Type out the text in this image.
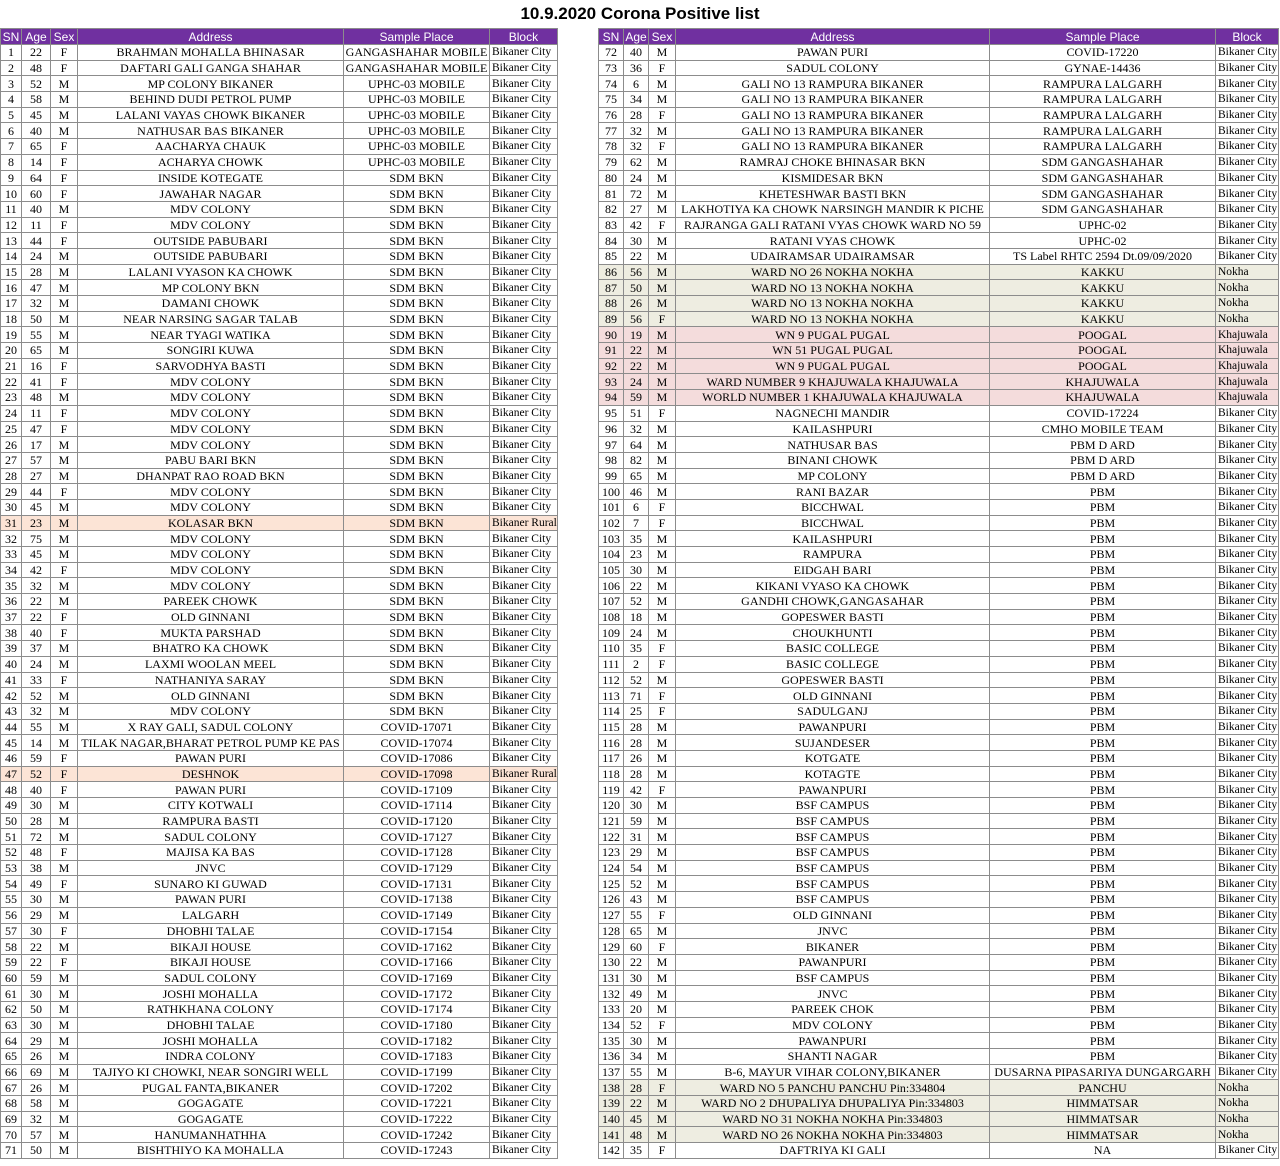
10.9.2020 Corona Positive list
SN	Age	Sex	Address	Sample Place	Block
1	22	F	BRAHMAN MOHALLA BHINASAR	GANGASHAHAR MOBILE	Bikaner City
2	48	F	DAFTARI GALI GANGA SHAHAR	GANGASHAHAR MOBILE	Bikaner City
3	52	M	MP COLONY BIKANER	UPHC-03 MOBILE	Bikaner City
4	58	M	BEHIND DUDI PETROL PUMP	UPHC-03 MOBILE	Bikaner City
5	45	M	LALANI VAYAS CHOWK BIKANER	UPHC-03 MOBILE	Bikaner City
6	40	M	NATHUSAR BAS BIKANER	UPHC-03 MOBILE	Bikaner City
7	65	F	AACHARYA CHAUK	UPHC-03 MOBILE	Bikaner City
8	14	F	ACHARYA CHOWK	UPHC-03 MOBILE	Bikaner City
9	64	F	INSIDE KOTEGATE	SDM BKN	Bikaner City
10	60	F	JAWAHAR NAGAR	SDM BKN	Bikaner City
11	40	M	MDV COLONY	SDM BKN	Bikaner City
12	11	F	MDV COLONY	SDM BKN	Bikaner City
13	44	F	OUTSIDE PABUBARI	SDM BKN	Bikaner City
14	24	M	OUTSIDE PABUBARI	SDM BKN	Bikaner City
15	28	M	LALANI VYASON KA CHOWK	SDM BKN	Bikaner City
16	47	M	MP COLONY BKN	SDM BKN	Bikaner City
17	32	M	DAMANI CHOWK	SDM BKN	Bikaner City
18	50	M	NEAR NARSING SAGAR TALAB	SDM BKN	Bikaner City
19	55	M	NEAR TYAGI WATIKA	SDM BKN	Bikaner City
20	65	M	SONGIRI KUWA	SDM BKN	Bikaner City
21	16	F	SARVODHYA BASTI	SDM BKN	Bikaner City
22	41	F	MDV COLONY	SDM BKN	Bikaner City
23	48	M	MDV COLONY	SDM BKN	Bikaner City
24	11	F	MDV COLONY	SDM BKN	Bikaner City
25	47	F	MDV COLONY	SDM BKN	Bikaner City
26	17	M	MDV COLONY	SDM BKN	Bikaner City
27	57	M	PABU BARI BKN	SDM BKN	Bikaner City
28	27	M	DHANPAT RAO ROAD BKN	SDM BKN	Bikaner City
29	44	F	MDV COLONY	SDM BKN	Bikaner City
30	45	M	MDV COLONY	SDM BKN	Bikaner City
31	23	M	KOLASAR BKN	SDM BKN	Bikaner Rural
32	75	M	MDV COLONY	SDM BKN	Bikaner City
33	45	M	MDV COLONY	SDM BKN	Bikaner City
34	42	F	MDV COLONY	SDM BKN	Bikaner City
35	32	M	MDV COLONY	SDM BKN	Bikaner City
36	22	M	PAREEK CHOWK	SDM BKN	Bikaner City
37	22	F	OLD GINNANI	SDM BKN	Bikaner City
38	40	F	MUKTA PARSHAD	SDM BKN	Bikaner City
39	37	M	BHATRO KA CHOWK	SDM BKN	Bikaner City
40	24	M	LAXMI WOOLAN MEEL	SDM BKN	Bikaner City
41	33	F	NATHANIYA SARAY	SDM BKN	Bikaner City
42	52	M	OLD GINNANI	SDM BKN	Bikaner City
43	32	M	MDV COLONY	SDM BKN	Bikaner City
44	55	M	X RAY GALI, SADUL COLONY	COVID-17071	Bikaner City
45	14	M	TILAK NAGAR,BHARAT PETROL PUMP KE PAS	COVID-17074	Bikaner City
46	59	F	PAWAN PURI	COVID-17086	Bikaner City
47	52	F	DESHNOK	COVID-17098	Bikaner Rural
48	40	F	PAWAN PURI	COVID-17109	Bikaner City
49	30	M	CITY KOTWALI	COVID-17114	Bikaner City
50	28	M	RAMPURA BASTI	COVID-17120	Bikaner City
51	72	M	SADUL COLONY	COVID-17127	Bikaner City
52	48	F	MAJISA KA BAS	COVID-17128	Bikaner City
53	38	M	JNVC	COVID-17129	Bikaner City
54	49	F	SUNARO KI GUWAD	COVID-17131	Bikaner City
55	30	M	PAWAN PURI	COVID-17138	Bikaner City
56	29	M	LALGARH	COVID-17149	Bikaner City
57	30	F	DHOBHI TALAE	COVID-17154	Bikaner City
58	22	M	BIKAJI HOUSE	COVID-17162	Bikaner City
59	22	F	BIKAJI HOUSE	COVID-17166	Bikaner City
60	59	M	SADUL COLONY	COVID-17169	Bikaner City
61	30	M	JOSHI MOHALLA	COVID-17172	Bikaner City
62	50	M	RATHKHANA COLONY	COVID-17174	Bikaner City
63	30	M	DHOBHI TALAE	COVID-17180	Bikaner City
64	29	M	JOSHI MOHALLA	COVID-17182	Bikaner City
65	26	M	INDRA COLONY	COVID-17183	Bikaner City
66	69	M	TAJIYO KI CHOWKI, NEAR SONGIRI WELL	COVID-17199	Bikaner City
67	26	M	PUGAL FANTA,BIKANER	COVID-17202	Bikaner City
68	58	M	GOGAGATE	COVID-17221	Bikaner City
69	32	M	GOGAGATE	COVID-17222	Bikaner City
70	57	M	HANUMANHATHHA	COVID-17242	Bikaner City
71	50	M	BISHTHIYO KA MOHALLA	COVID-17243	Bikaner City
SN	Age	Sex	Address	Sample Place	Block
72	40	M	PAWAN PURI	COVID-17220	Bikaner City
73	36	F	SADUL COLONY	GYNAE-14436	Bikaner City
74	6	M	GALI NO 13 RAMPURA BIKANER	RAMPURA LALGARH	Bikaner City
75	34	M	GALI NO 13 RAMPURA BIKANER	RAMPURA LALGARH	Bikaner City
76	28	F	GALI NO 13 RAMPURA BIKANER	RAMPURA LALGARH	Bikaner City
77	32	M	GALI NO 13 RAMPURA BIKANER	RAMPURA LALGARH	Bikaner City
78	32	F	GALI NO 13 RAMPURA BIKANER	RAMPURA LALGARH	Bikaner City
79	62	M	RAMRAJ CHOKE BHINASAR BKN	SDM GANGASHAHAR	Bikaner City
80	24	M	KISMIDESAR BKN	SDM GANGASHAHAR	Bikaner City
81	72	M	KHETESHWAR BASTI BKN	SDM GANGASHAHAR	Bikaner City
82	27	M	LAKHOTIYA KA CHOWK NARSINGH MANDIR K PICHE	SDM GANGASHAHAR	Bikaner City
83	42	F	RAJRANGA GALI RATANI VYAS CHOWK WARD NO 59	UPHC-02	Bikaner City
84	30	M	RATANI VYAS CHOWK	UPHC-02	Bikaner City
85	22	M	UDAIRAMSAR UDAIRAMSAR	TS Label RHTC 2594 Dt.09/09/2020	Bikaner City
86	56	M	WARD NO 26 NOKHA NOKHA	KAKKU	Nokha
87	50	M	WARD NO 13 NOKHA NOKHA	KAKKU	Nokha
88	26	M	WARD NO 13 NOKHA NOKHA	KAKKU	Nokha
89	56	F	WARD NO 13 NOKHA NOKHA	KAKKU	Nokha
90	19	M	WN 9 PUGAL PUGAL	POOGAL	Khajuwala
91	22	M	WN 51 PUGAL PUGAL	POOGAL	Khajuwala
92	22	M	WN 9 PUGAL PUGAL	POOGAL	Khajuwala
93	24	M	WARD NUMBER 9 KHAJUWALA KHAJUWALA	KHAJUWALA	Khajuwala
94	59	M	WORLD NUMBER 1 KHAJUWALA KHAJUWALA	KHAJUWALA	Khajuwala
95	51	F	NAGNECHI MANDIR	COVID-17224	Bikaner City
96	32	M	KAILASHPURI	CMHO MOBILE TEAM	Bikaner City
97	64	M	NATHUSAR BAS	PBM D ARD	Bikaner City
98	82	M	BINANI CHOWK	PBM D ARD	Bikaner City
99	65	M	MP COLONY	PBM D ARD	Bikaner City
100	46	M	RANI BAZAR	PBM	Bikaner City
101	6	F	BICCHWAL	PBM	Bikaner City
102	7	F	BICCHWAL	PBM	Bikaner City
103	35	M	KAILASHPURI	PBM	Bikaner City
104	23	M	RAMPURA	PBM	Bikaner City
105	30	M	EIDGAH BARI	PBM	Bikaner City
106	22	M	KIKANI VYASO KA CHOWK	PBM	Bikaner City
107	52	M	GANDHI CHOWK,GANGASAHAR	PBM	Bikaner City
108	18	M	GOPESWER BASTI	PBM	Bikaner City
109	24	M	CHOUKHUNTI	PBM	Bikaner City
110	35	F	BASIC COLLEGE	PBM	Bikaner City
111	2	F	BASIC COLLEGE	PBM	Bikaner City
112	52	M	GOPESWER BASTI	PBM	Bikaner City
113	71	F	OLD GINNANI	PBM	Bikaner City
114	25	F	SADULGANJ	PBM	Bikaner City
115	28	M	PAWANPURI	PBM	Bikaner City
116	28	M	SUJANDESER	PBM	Bikaner City
117	26	M	KOTGATE	PBM	Bikaner City
118	28	M	KOTAGTE	PBM	Bikaner City
119	42	F	PAWANPURI	PBM	Bikaner City
120	30	M	BSF CAMPUS	PBM	Bikaner City
121	59	M	BSF CAMPUS	PBM	Bikaner City
122	31	M	BSF CAMPUS	PBM	Bikaner City
123	29	M	BSF CAMPUS	PBM	Bikaner City
124	54	M	BSF CAMPUS	PBM	Bikaner City
125	52	M	BSF CAMPUS	PBM	Bikaner City
126	43	M	BSF CAMPUS	PBM	Bikaner City
127	55	F	OLD GINNANI	PBM	Bikaner City
128	65	M	JNVC	PBM	Bikaner City
129	60	F	BIKANER	PBM	Bikaner City
130	22	M	PAWANPURI	PBM	Bikaner City
131	30	M	BSF CAMPUS	PBM	Bikaner City
132	49	M	JNVC	PBM	Bikaner City
133	20	M	PAREEK CHOK	PBM	Bikaner City
134	52	F	MDV COLONY	PBM	Bikaner City
135	30	M	PAWANPURI	PBM	Bikaner City
136	34	M	SHANTI NAGAR	PBM	Bikaner City
137	55	M	B-6, MAYUR VIHAR COLONY,BIKANER	DUSARNA PIPASARIYA DUNGARGARH	Bikaner City
138	28	F	WARD NO 5 PANCHU PANCHU Pin:334804	PANCHU	Nokha
139	22	M	WARD NO 2 DHUPALIYA DHUPALIYA Pin:334803	HIMMATSAR	Nokha
140	45	M	WARD NO 31 NOKHA NOKHA Pin:334803	HIMMATSAR	Nokha
141	48	M	WARD NO 26 NOKHA NOKHA Pin:334803	HIMMATSAR	Nokha
142	35	F	DAFTRIYA KI GALI	NA	Bikaner City
